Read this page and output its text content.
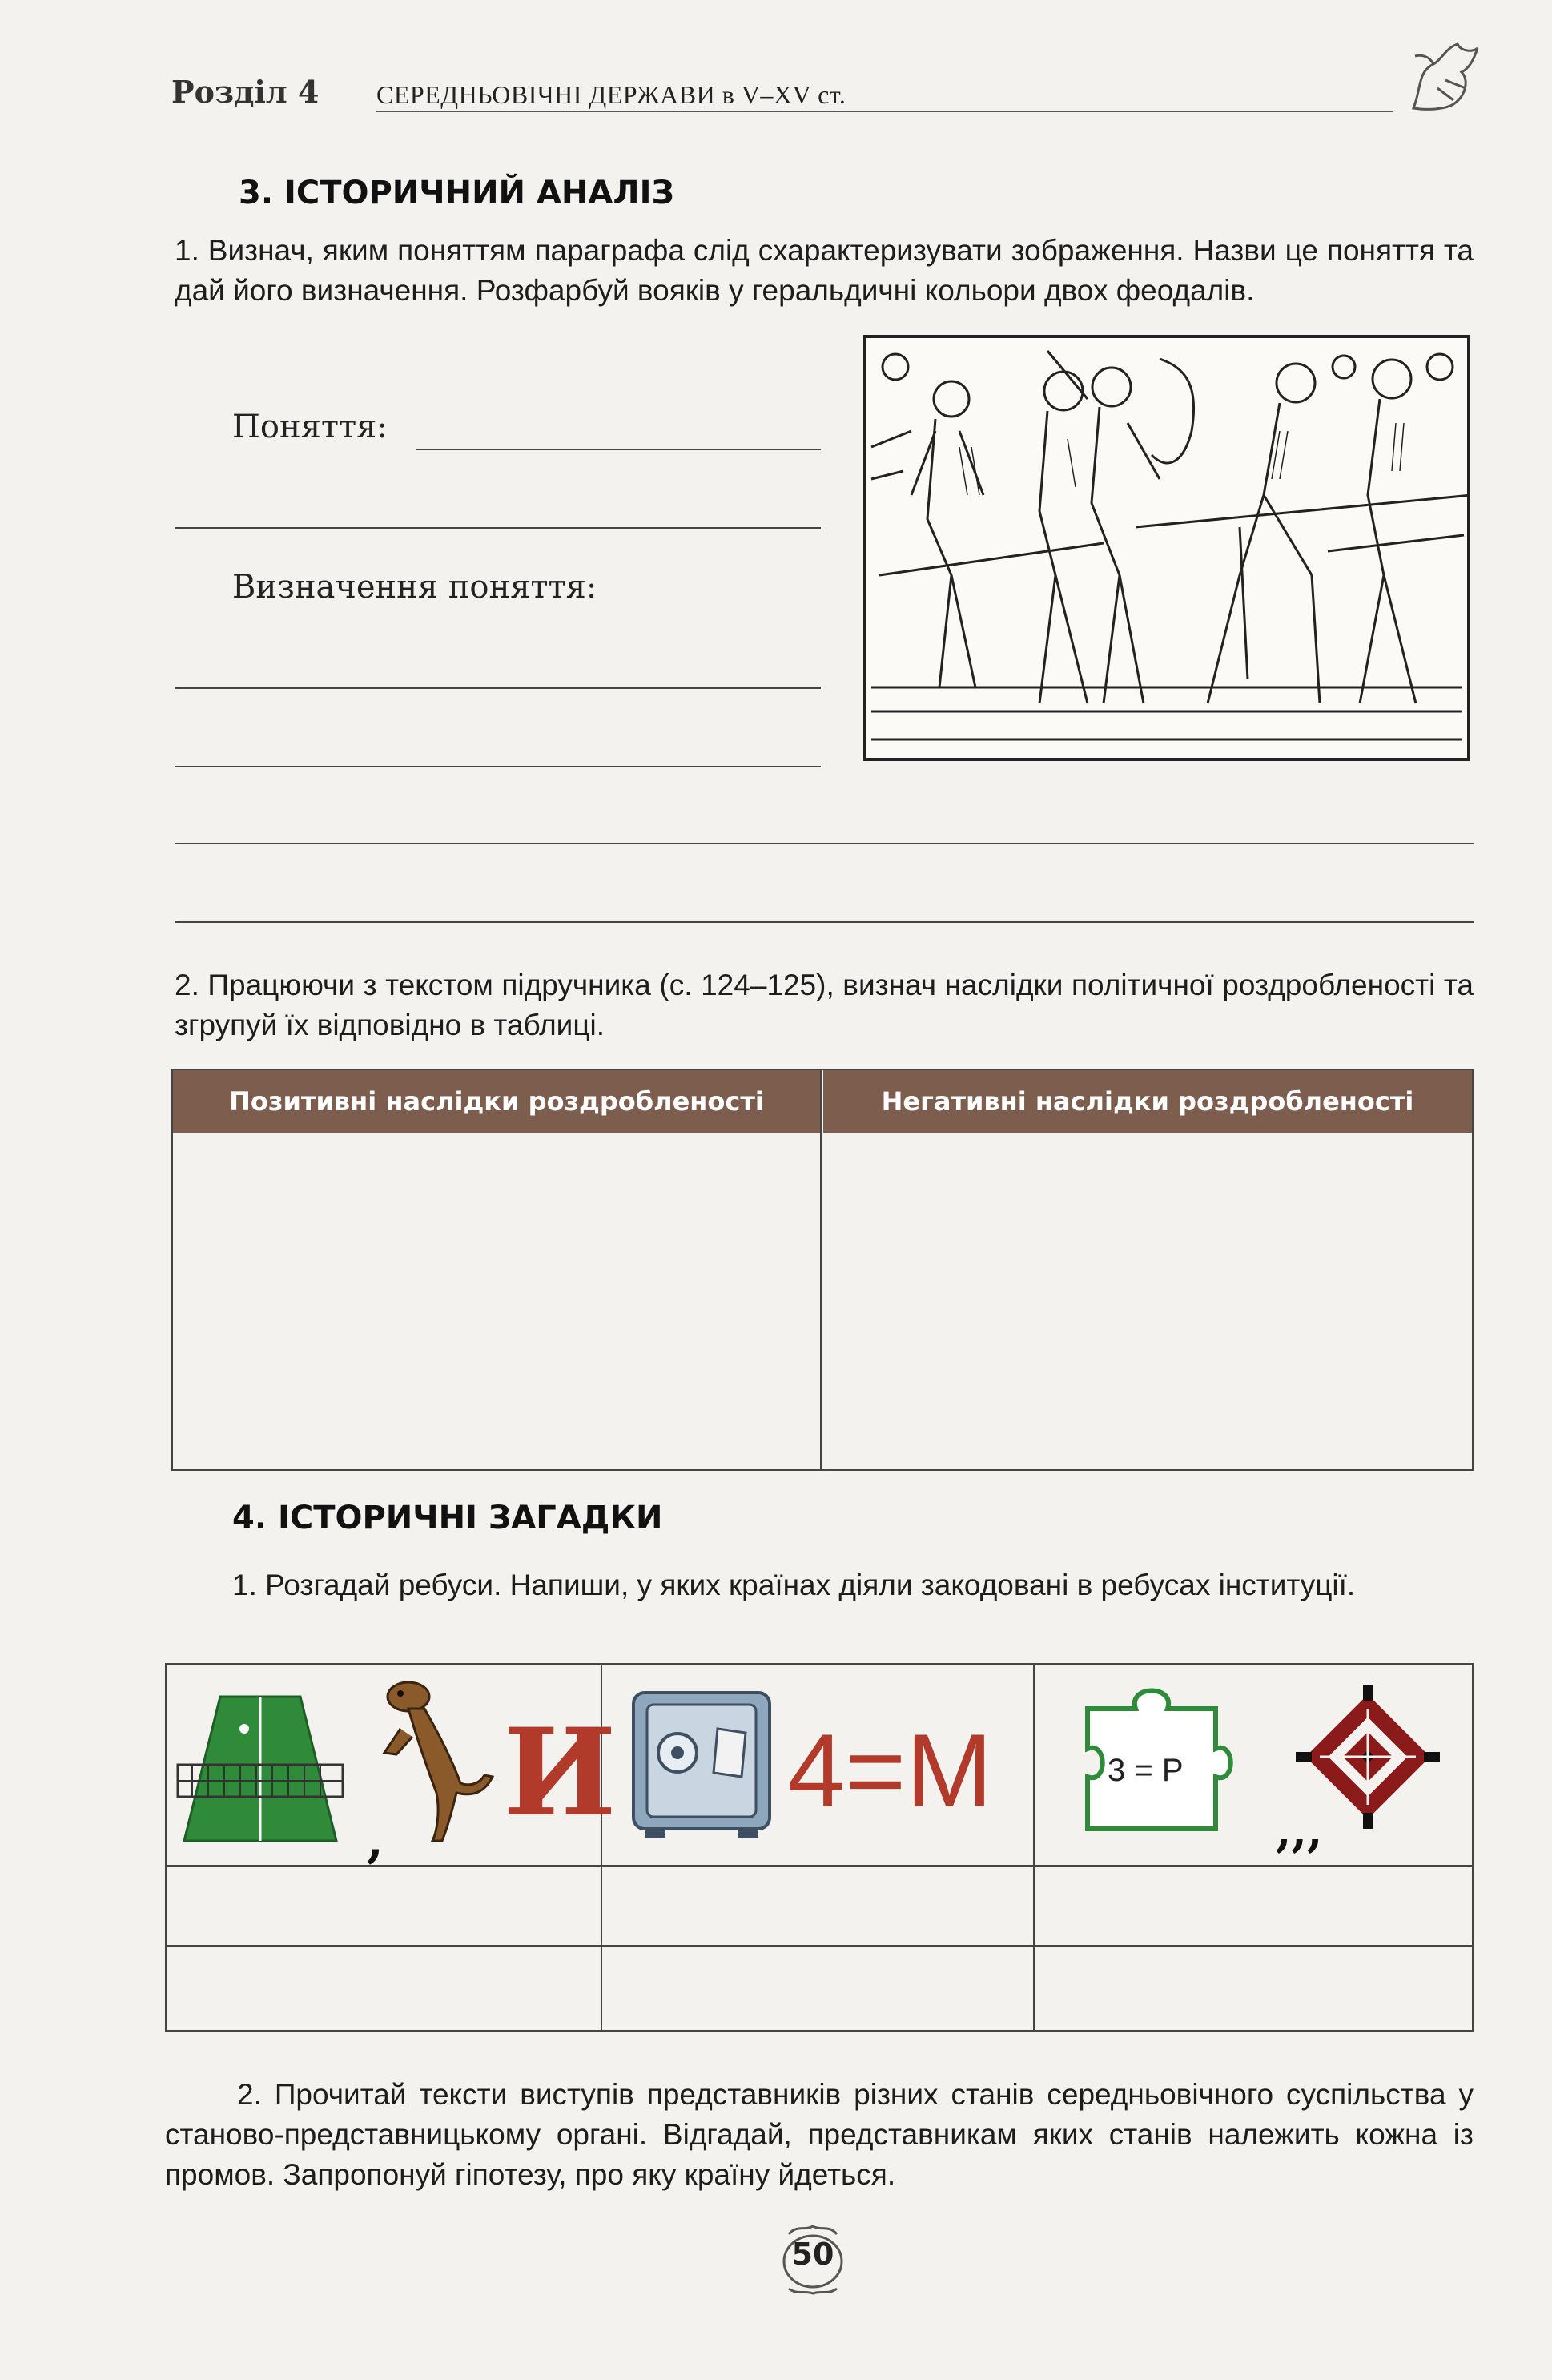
Розділ 4 СЕРЕДНЬОВІЧНІ ДЕРЖАВИ в V–XV ст.
3. ІСТОРИЧНИЙ АНАЛІЗ
1. Визнач, яким поняттям параграфа слід схарактеризувати зображення. Назви це поняття та дай його визначення. Розфарбуй вояків у геральдичні кольори двох феодалів.
Поняття:
Визначення поняття:
2. Працюючи з текстом підручника (с. 124–125), визнач наслідки політичної роздробленості та згрупуй їх відповідно в таблиці.
Позитивні наслідки роздробленості	Негативні наслідки роздробленості
4. ІСТОРИЧНІ ЗАГАДКИ
1. Розгадай ребуси. Напиши, у яких країнах діяли закодовані в ребусах інституції.
, И 4=М	3 = Р
,,,
2. Прочитай тексти виступів представників різних станів середньовічного суспільства у станово-представницькому органі. Відгадай, представникам яких станів належить кожна із промов. Запропонуй гіпотезу, про яку країну йдеться.
50
